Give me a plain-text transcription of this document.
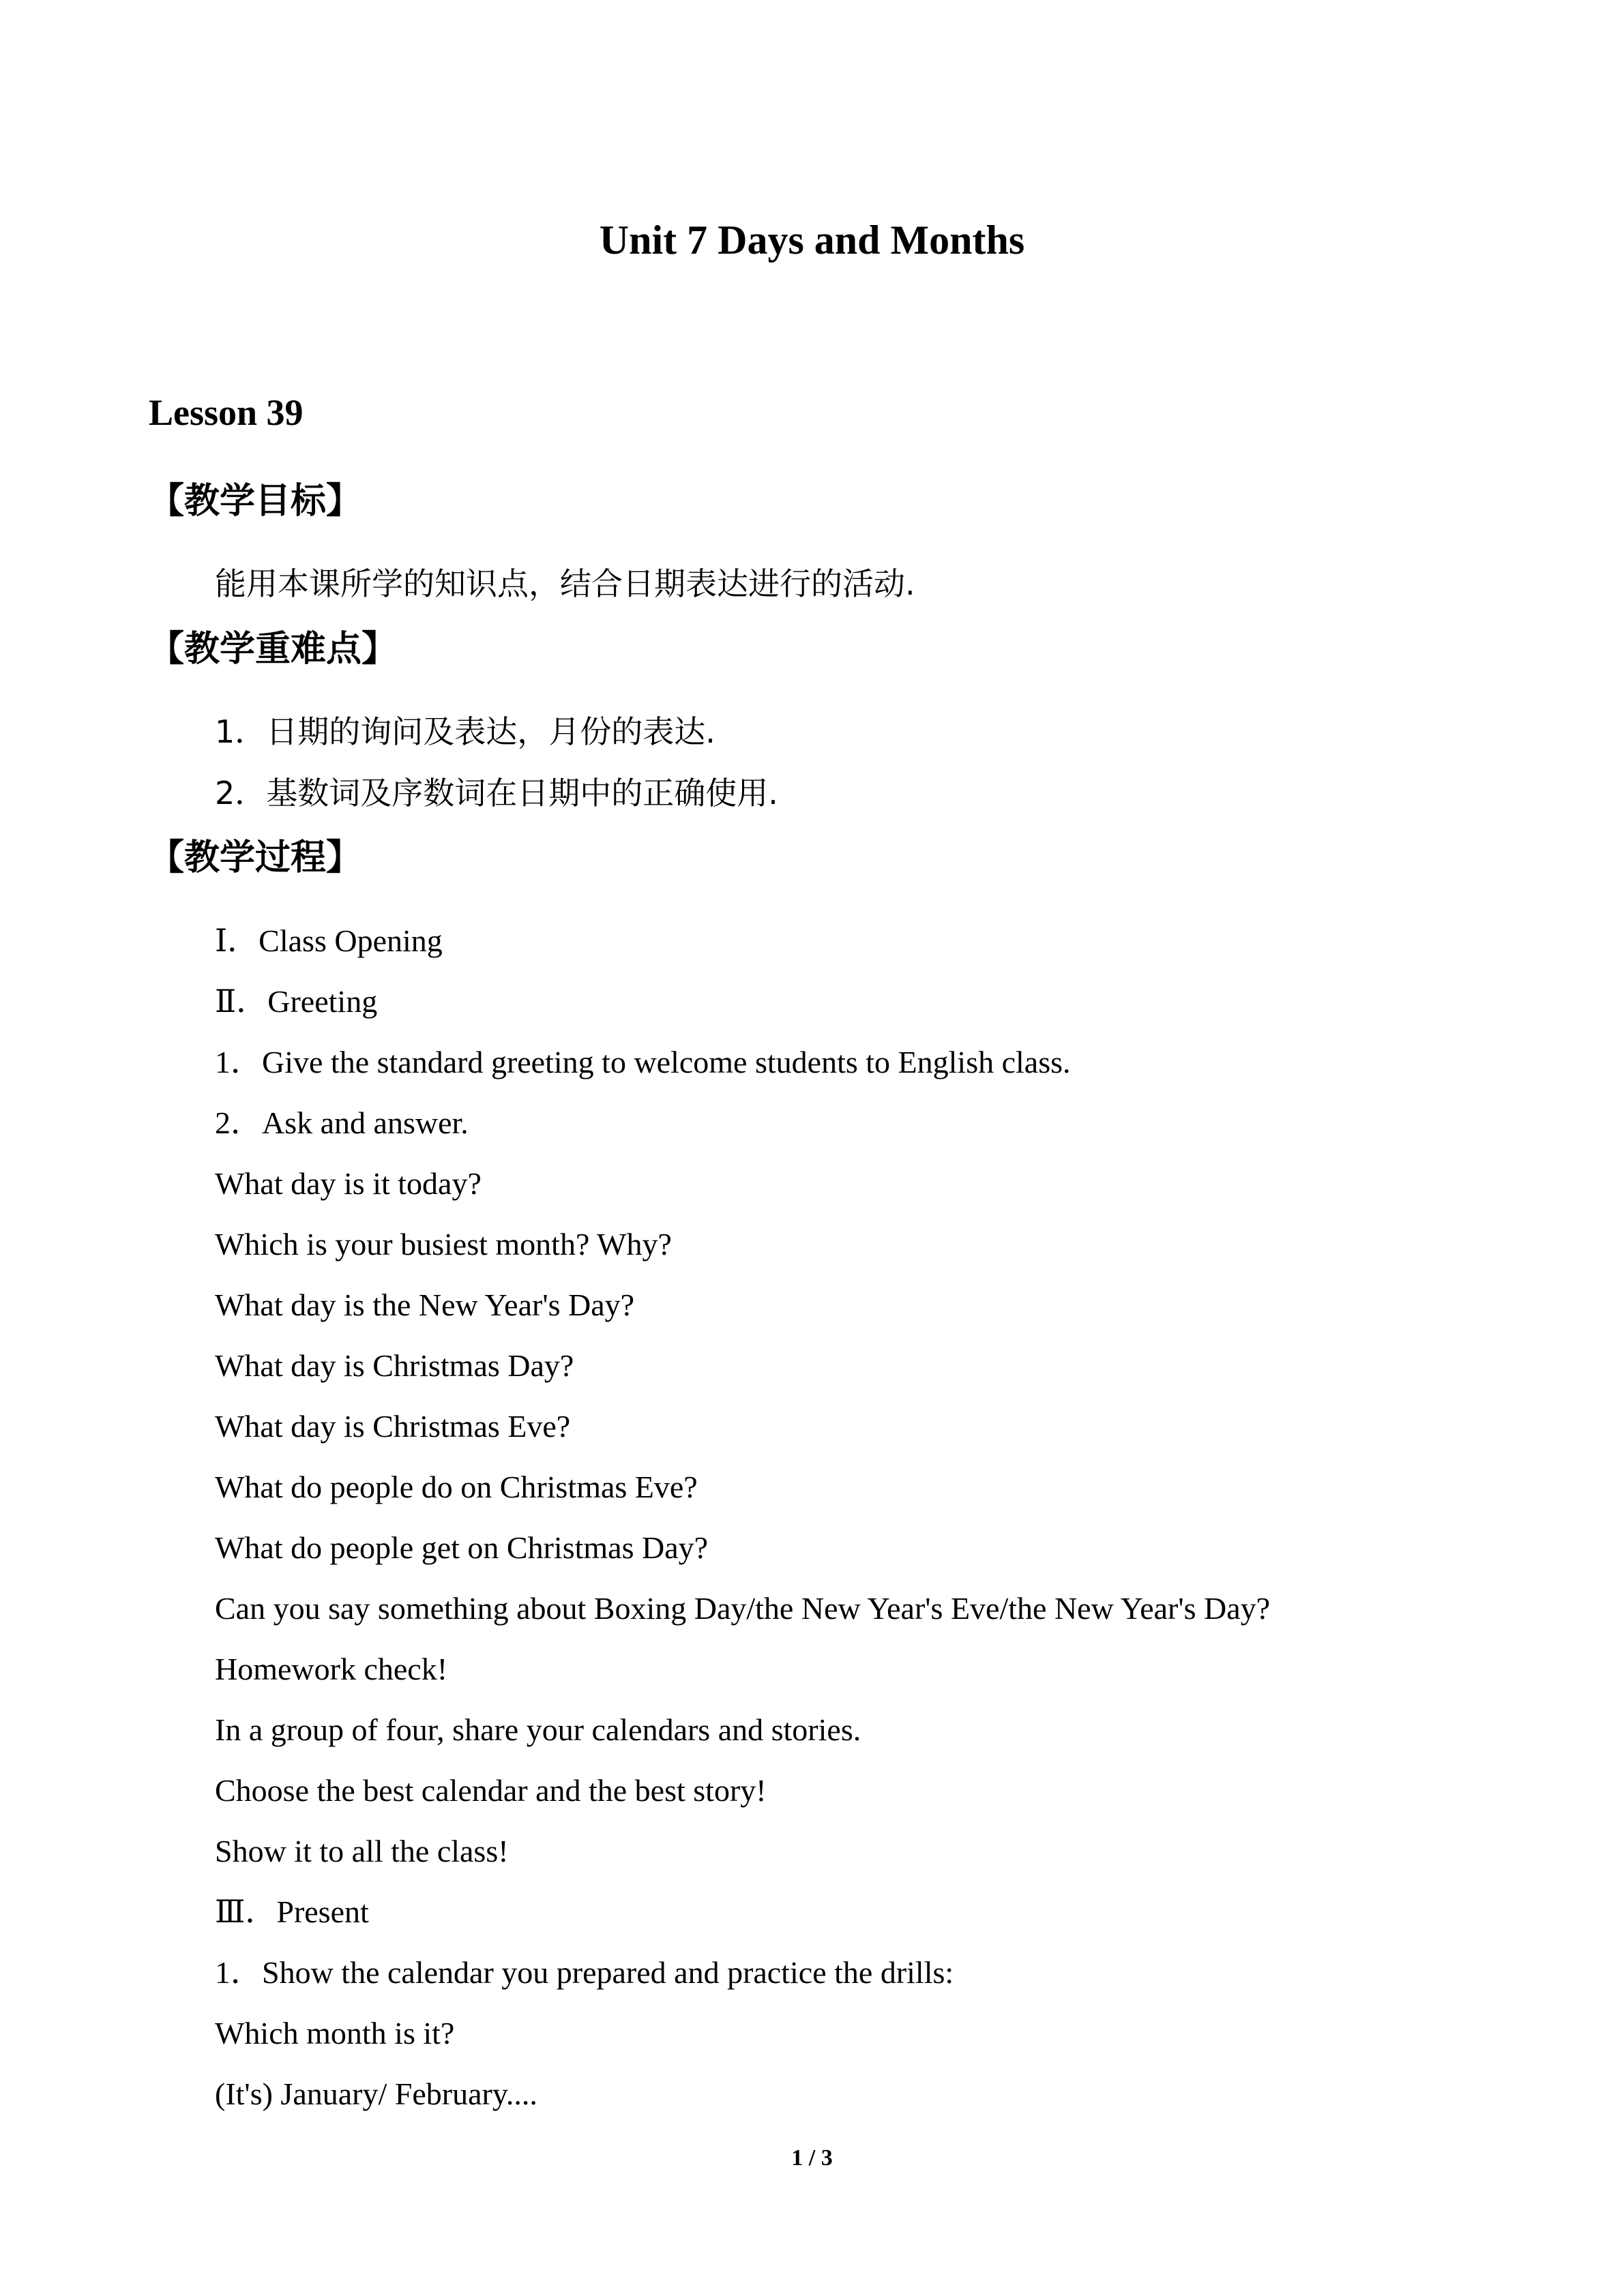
Unit 7 Days and Months
Lesson 39
【教学目标】
能用本课所学的知识点，结合日期表达进行的活动.
【教学重难点】
1．日期的询问及表达，月份的表达.
2．基数词及序数词在日期中的正确使用.
【教学过程】
Ⅰ．Class Opening
Ⅱ．Greeting
1．Give the standard greeting to welcome students to English class.
2．Ask and answer.
What day is it today?
Which is your busiest month? Why?
What day is the New Year's Day?
What day is Christmas Day?
What day is Christmas Eve?
What do people do on Christmas Eve?
What do people get on Christmas Day?
Can you say something about Boxing Day/the New Year's Eve/the New Year's Day?
Homework check!
In a group of four, share your calendars and stories.
Choose the best calendar and the best story!
Show it to all the class!
Ⅲ．Present
1．Show the calendar you prepared and practice the drills:
Which month is it?
(It's) January/ February....
1 / 3
